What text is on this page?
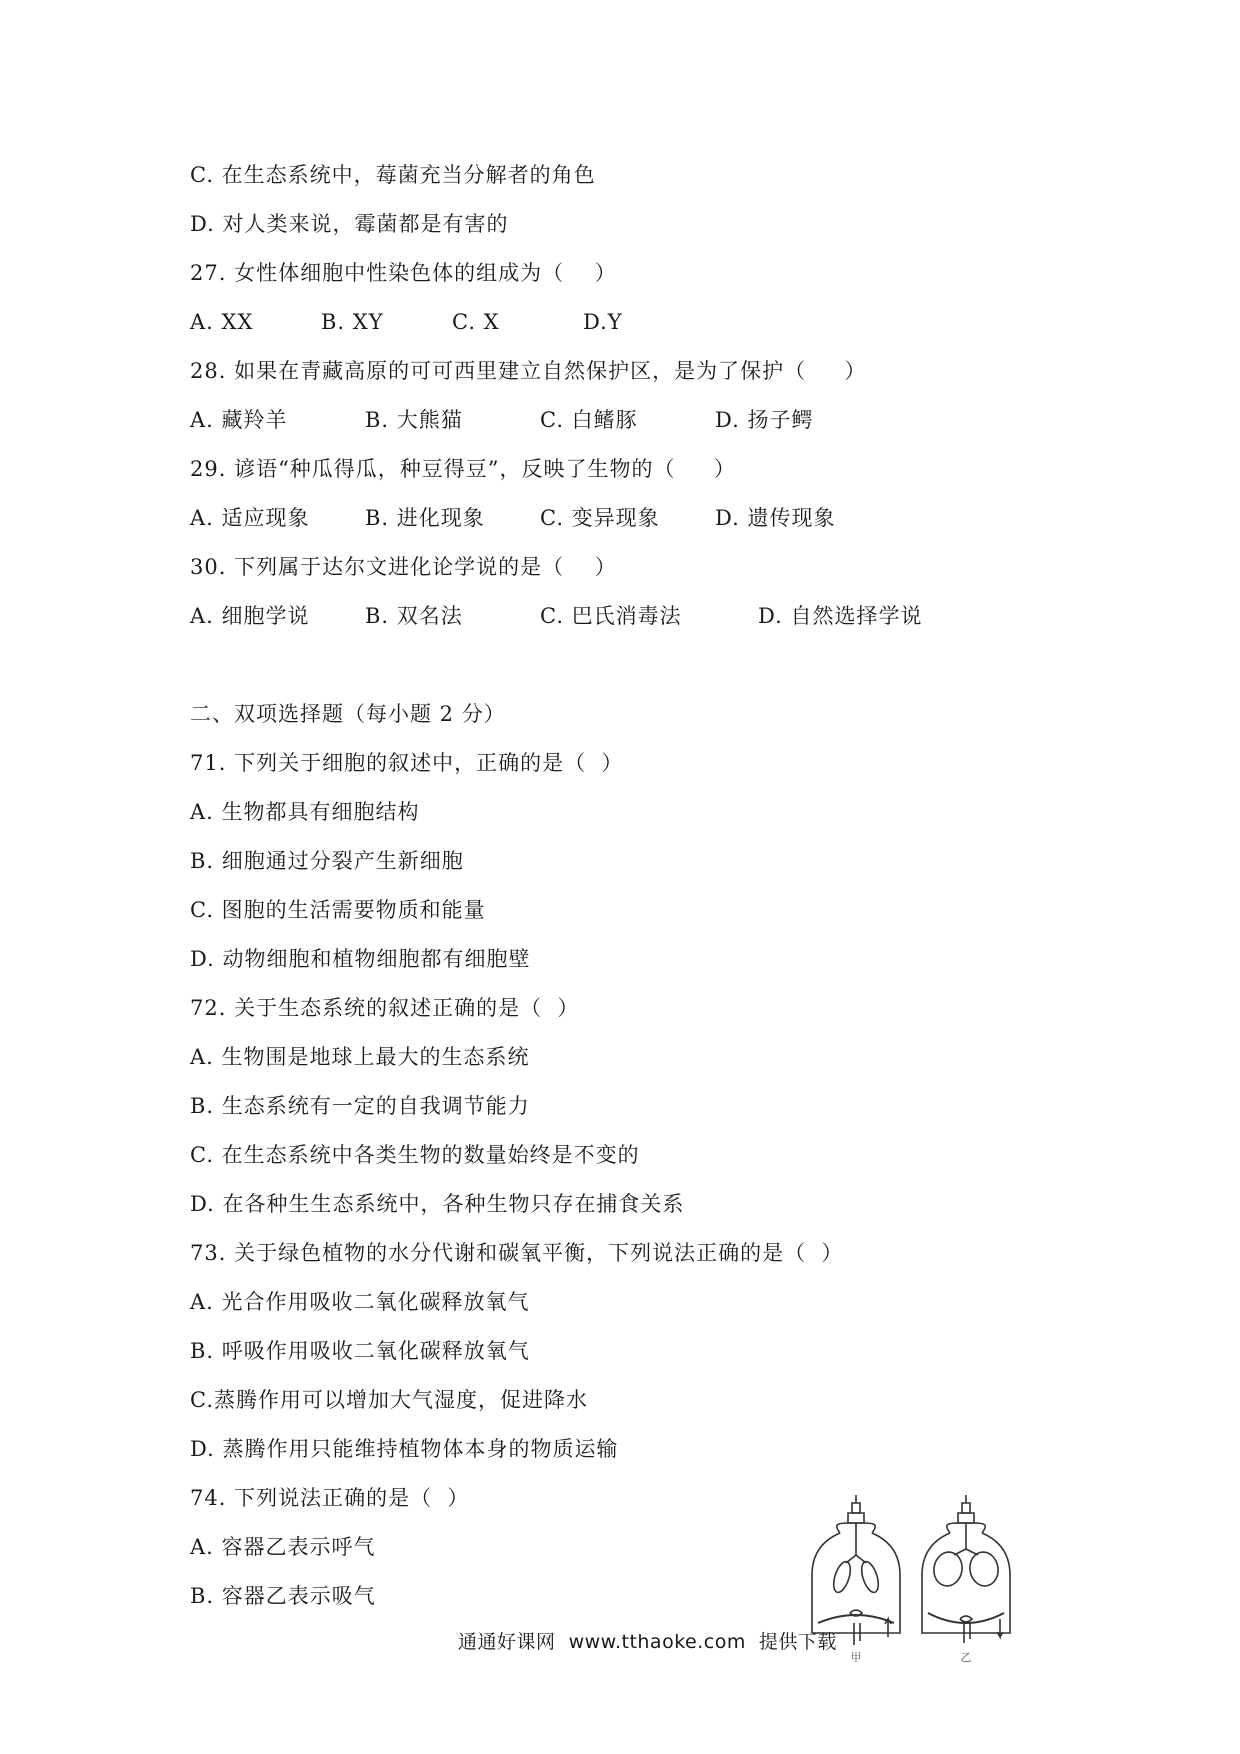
C. 在生态系统中，莓菌充当分解者的角色
D. 对人类来说，霉菌都是有害的
27. 女性体细胞中性染色体的组成为（    ）

A. XX

	B. XY

	C. X

	D.Y

28. 如果在青藏高原的可可西里建立自然保护区，是为了保护（     ）

A. 藏羚羊

	B. 大熊猫

	C. 白鳍豚

	D. 扬子鳄

29. 谚语“种瓜得瓜，种豆得豆”，反映了生物的（     ）

A. 适应现象

	B. 进化现象

	C. 变异现象

	D. 遗传现象

30. 下列属于达尔文进化论学说的是（    ）

A. 细胞学说

	B. 双名法

	C. 巴氏消毒法

	D. 自然选择学说

二、双项选择题（每小题 2 分）
71. 下列关于细胞的叙述中，正确的是（  ）
A. 生物都具有细胞结构
B. 细胞通过分裂产生新细胞
C. 图胞的生活需要物质和能量
D. 动物细胞和植物细胞都有细胞壁
72. 关于生态系统的叙述正确的是（  ）
A. 生物围是地球上最大的生态系统
B. 生态系统有一定的自我调节能力
C. 在生态系统中各类生物的数量始终是不变的
D. 在各种生生态系统中，各种生物只存在捕食关系
73. 关于绿色植物的水分代谢和碳氧平衡，下列说法正确的是（  ）
A. 光合作用吸收二氧化碳释放氧气
B. 呼吸作用吸收二氧化碳释放氧气
C.蒸腾作用可以增加大气湿度，促进降水
D. 蒸腾作用只能维持植物体本身的物质运输
74. 下列说法正确的是（  ）
A. 容器乙表示呼气
B. 容器乙表示吸气
甲	乙
通通好课网  www.tthaoke.com  提供下载
